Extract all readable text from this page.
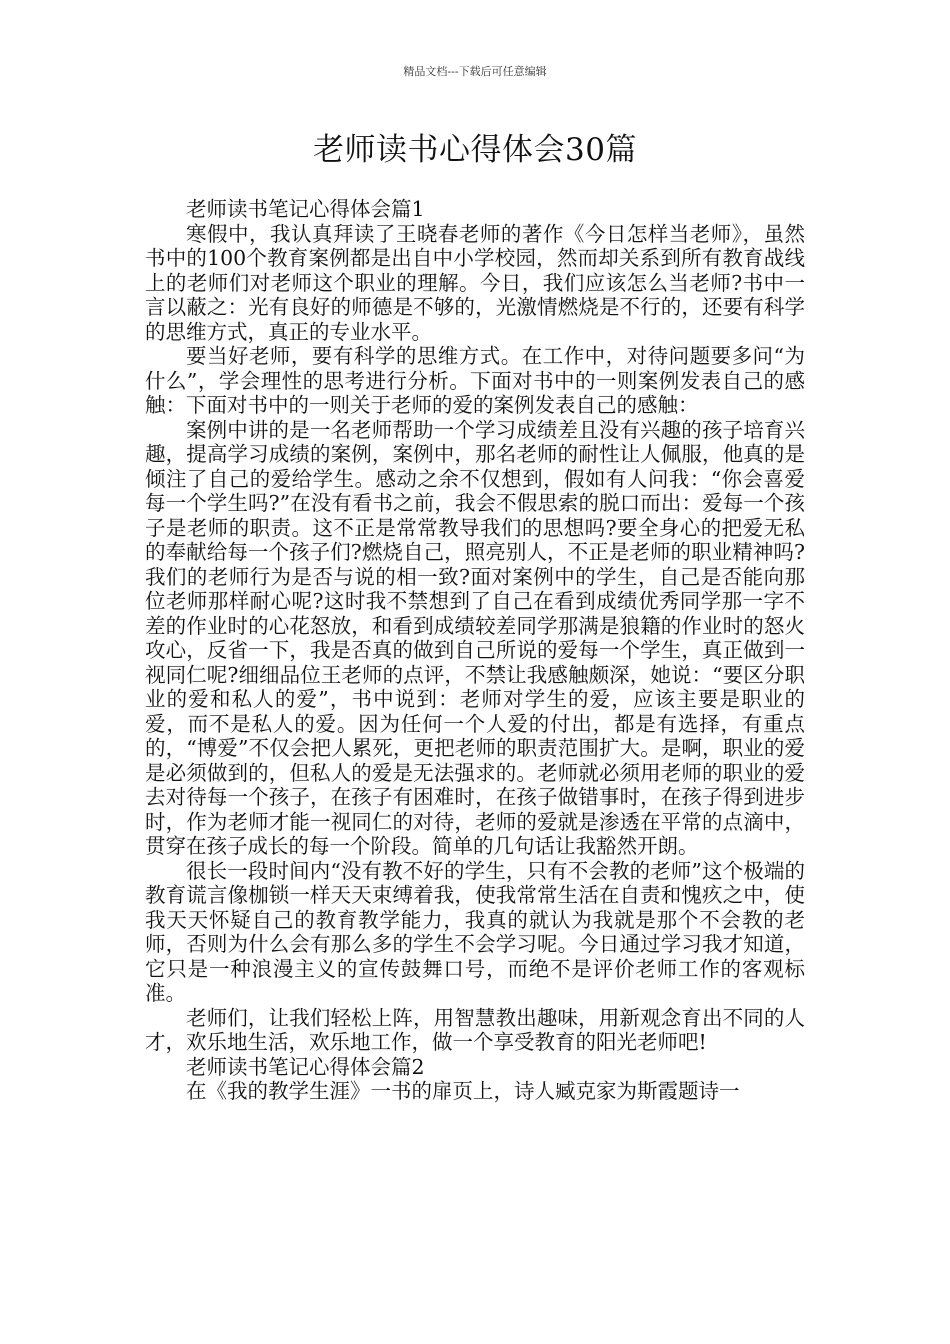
精品文档---下载后可任意编辑
老师读书心得体会30篇

老师读书笔记心得体会篇1

寒假中，我认真拜读了王晓春老师的著作《今日怎样当老师》，虽然书中的100个教育案例都是出自中小学校园，然而却关系到所有教育战线上的老师们对老师这个职业的理解。今日，我们应该怎么当老师?书中一言以蔽之：光有良好的师德是不够的，光激情燃烧是不行的，还要有科学的思维方式，真正的专业水平。

要当好老师，要有科学的思维方式。在工作中，对待问题要多问“为什么”，学会理性的思考进行分析。下面对书中的一则案例发表自己的感触：下面对书中的一则关于老师的爱的案例发表自己的感触：

案例中讲的是一名老师帮助一个学习成绩差且没有兴趣的孩子培育兴趣，提高学习成绩的案例，案例中，那名老师的耐性让人佩服，他真的是倾注了自己的爱给学生。感动之余不仅想到，假如有人问我：“你会喜爱每一个学生吗?”在没有看书之前，我会不假思索的脱口而出：爱每一个孩子是老师的职责。这不正是常常教导我们的思想吗?要全身心的把爱无私的奉献给每一个孩子们?燃烧自己，照亮别人，不正是老师的职业精神吗?我们的老师行为是否与说的相一致?面对案例中的学生，自己是否能向那位老师那样耐心呢?这时我不禁想到了自己在看到成绩优秀同学那一字不差的作业时的心花怒放，和看到成绩较差同学那满是狼籍的作业时的怒火攻心，反省一下，我是否真的做到自己所说的爱每一个学生，真正做到一视同仁呢?细细品位王老师的点评，不禁让我感触颇深，她说：“要区分职业的爱和私人的爱”，书中说到：老师对学生的爱，应该主要是职业的爱，而不是私人的爱。因为任何一个人爱的付出，都是有选择，有重点的，“博爱”不仅会把人累死，更把老师的职责范围扩大。是啊，职业的爱是必须做到的，但私人的爱是无法强求的。老师就必须用老师的职业的爱去对待每一个孩子，在孩子有困难时，在孩子做错事时，在孩子得到进步时，作为老师才能一视同仁的对待，老师的爱就是渗透在平常的点滴中，贯穿在孩子成长的每一个阶段。简单的几句话让我豁然开朗。

很长一段时间内“没有教不好的学生，只有不会教的老师”这个极端的教育谎言像枷锁一样天天束缚着我，使我常常生活在自责和愧疚之中，使我天天怀疑自己的教育教学能力，我真的就认为我就是那个不会教的老师，否则为什么会有那么多的学生不会学习呢。今日通过学习我才知道，它只是一种浪漫主义的宣传鼓舞口号，而绝不是评价老师工作的客观标准。

老师们，让我们轻松上阵，用智慧教出趣味，用新观念育出不同的人才，欢乐地生活，欢乐地工作，做一个享受教育的阳光老师吧!

老师读书笔记心得体会篇2

在《我的教学生涯》一书的扉页上，诗人臧克家为斯霞题诗一
